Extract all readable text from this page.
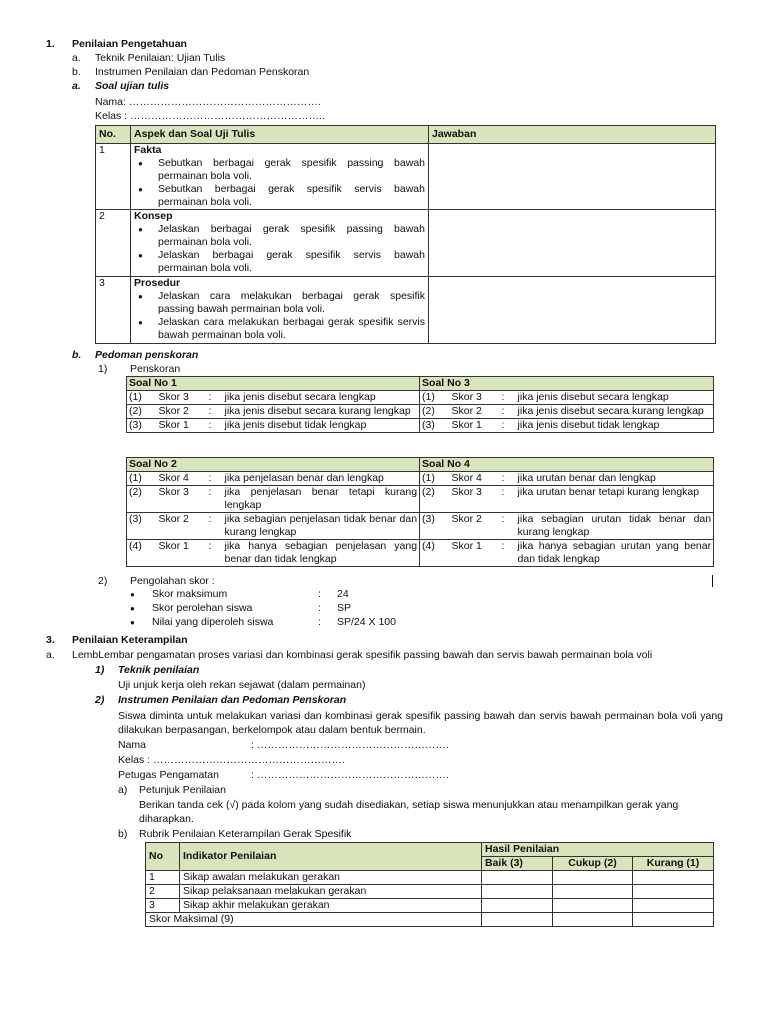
1. Penilaian Pengetahuan
a. Teknik Penilaian: Ujian Tulis
b. Instrumen Penilaian dan Pedoman Penskoran
a. Soal ujian tulis
Nama: ……………………………………………….
Kelas : ………………………………………………..
No.	Aspek dan Soal Uji Tulis	Jawaban
1	Fakta
● Sebutkan berbagai gerak spesifik passing bawah permainan bola voli.
● Sebutkan berbagai gerak spesifik servis bawah permainan bola voli.	

2	Konsep
● Jelaskan berbagai gerak spesifik passing bawah permainan bola voli.
● Jelaskan berbagai gerak spesifik servis bawah permainan bola voli.	

3	Prosedur
● Jelaskan cara melakukan berbagai gerak spesifik passing bawah permainan bola voli.
● Jelaskan cara melakukan berbagai gerak spesifik servis bawah permainan bola voli.	

b. Pedoman penskoran
1) Penskoran
Soal No 1				Soal No 3			
(1)	Skor 3	:	jika jenis disebut secara lengkap	(1)	Skor 3	:	jika jenis disebut secara lengkap
(2)	Skor 2	:	jika jenis disebut secara kurang lengkap	(2)	Skor 2	:	jika jenis disebut secara kurang lengkap
(3)	Skor 1	:	jika jenis disebut tidak lengkap	(3)	Skor 1	:	jika jenis disebut tidak lengkap
Soal No 2				Soal No 4			
(1)	Skor 4	:	jika penjelasan benar dan lengkap	(1)	Skor 4	:	jika urutan benar dan lengkap
(2)	Skor 3	:	jika penjelasan benar tetapi kurang lengkap	(2)	Skor 3	:	jika urutan benar tetapi kurang lengkap
(3)	Skor 2	:	jika sebagian penjelasan tidak benar dan kurang lengkap	(3)	Skor 2	:	jika sebagian urutan tidak benar dan kurang lengkap
(4)	Skor 1	:	jika hanya sebagian penjelasan yang benar dan tidak lengkap	(4)	Skor 1	:	jika hanya sebagian urutan yang benar dan tidak lengkap
2) Pengolahan skor :
● Skor maksimum	: 24
● Skor perolehan siswa	: SP
● Nilai yang diperoleh siswa	: SP/24 X 100
3. Penilaian Keterampilan
a. LembLembar pengamatan proses variasi dan kombinasi gerak spesifik passing bawah dan servis bawah permainan bola voli
1) Teknik penilaian
Uji unjuk kerja oleh rekan sejawat (dalam permainan)
2) Instrumen Penilaian dan Pedoman Penskoran
Siswa diminta untuk melakukan variasi dan kombinasi gerak spesifik passing bawah dan servis bawah permainan bola voli yang dilakukan berpasangan, berkelompok atau dalam bentuk bermain.
Nama	: ……………………………………………….
Kelas : ……………………………………………….
Petugas Pengamatan	: ……………………………………………….
a) Petunjuk Penilaian
Berikan tanda cek (√) pada kolom yang sudah disediakan, setiap siswa menunjukkan atau menampilkan gerak yang diharapkan.
b) Rubrik Penilaian Keterampilan Gerak Spesifik
No	Indikator Penilaian	Hasil Penilaian		
		Baik (3)	Cukup (2)	Kurang (1)
1	Sikap awalan melakukan gerakan			
2	Sikap pelaksanaan melakukan gerakan			
3	Sikap akhir melakukan gerakan			
Skor Maksimal (9)				
